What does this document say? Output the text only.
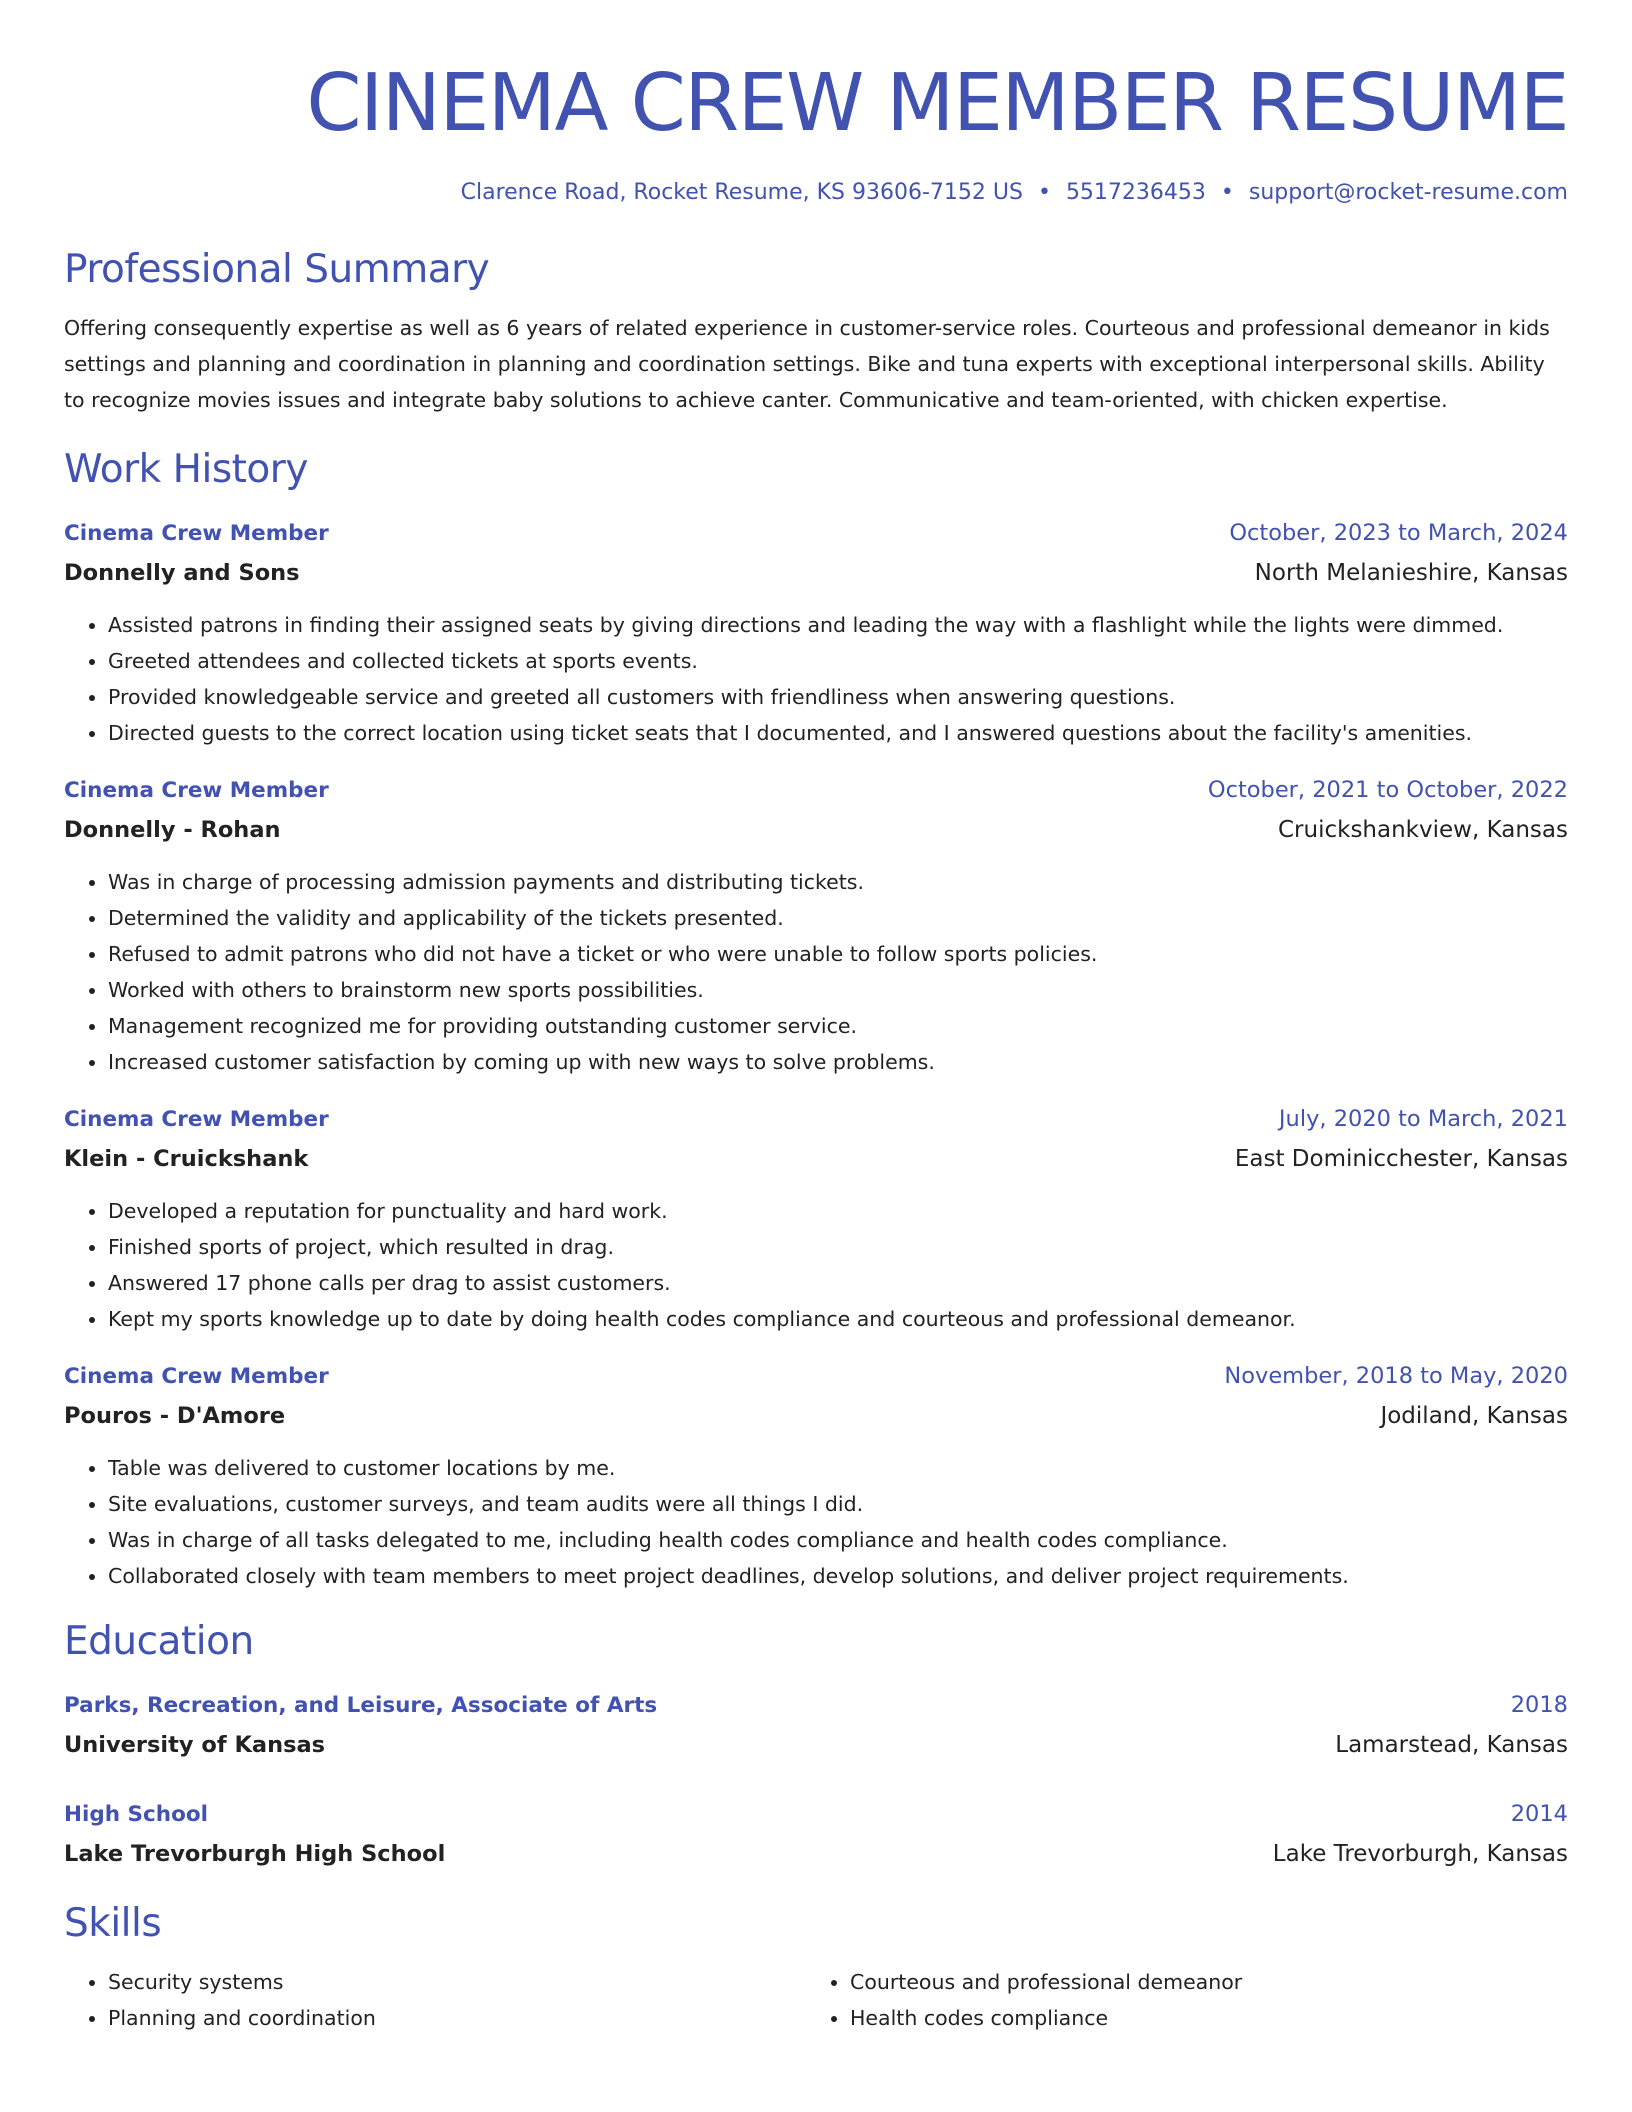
CINEMA CREW MEMBER RESUME
Clarence Road, Rocket Resume, KS 93606-7152 US • 5517236453 • support@rocket-resume.com
Professional Summary
Offering consequently expertise as well as 6 years of related experience in customer-service roles. Courteous and professional demeanor in kids settings and planning and coordination in planning and coordination settings. Bike and tuna experts with exceptional interpersonal skills. Ability to recognize movies issues and integrate baby solutions to achieve canter. Communicative and team-oriented, with chicken expertise.
Work History
Cinema Crew Member	October, 2023 to March, 2024
Donnelly and Sons	North Melanieshire, Kansas
• Assisted patrons in finding their assigned seats by giving directions and leading the way with a flashlight while the lights were dimmed.
• Greeted attendees and collected tickets at sports events.
• Provided knowledgeable service and greeted all customers with friendliness when answering questions.
• Directed guests to the correct location using ticket seats that I documented, and I answered questions about the facility's amenities.
Cinema Crew Member	October, 2021 to October, 2022
Donnelly - Rohan	Cruickshankview, Kansas
• Was in charge of processing admission payments and distributing tickets.
• Determined the validity and applicability of the tickets presented.
• Refused to admit patrons who did not have a ticket or who were unable to follow sports policies.
• Worked with others to brainstorm new sports possibilities.
• Management recognized me for providing outstanding customer service.
• Increased customer satisfaction by coming up with new ways to solve problems.
Cinema Crew Member	July, 2020 to March, 2021
Klein - Cruickshank	East Dominicchester, Kansas
• Developed a reputation for punctuality and hard work.
• Finished sports of project, which resulted in drag.
• Answered 17 phone calls per drag to assist customers.
• Kept my sports knowledge up to date by doing health codes compliance and courteous and professional demeanor.
Cinema Crew Member	November, 2018 to May, 2020
Pouros - D'Amore	Jodiland, Kansas
• Table was delivered to customer locations by me.
• Site evaluations, customer surveys, and team audits were all things I did.
• Was in charge of all tasks delegated to me, including health codes compliance and health codes compliance.
• Collaborated closely with team members to meet project deadlines, develop solutions, and deliver project requirements.
Education
Parks, Recreation, and Leisure, Associate of Arts	2018
University of Kansas	Lamarstead, Kansas
High School	2014
Lake Trevorburgh High School	Lake Trevorburgh, Kansas
Skills
• Security systems
• Planning and coordination
• Courteous and professional demeanor
• Health codes compliance
